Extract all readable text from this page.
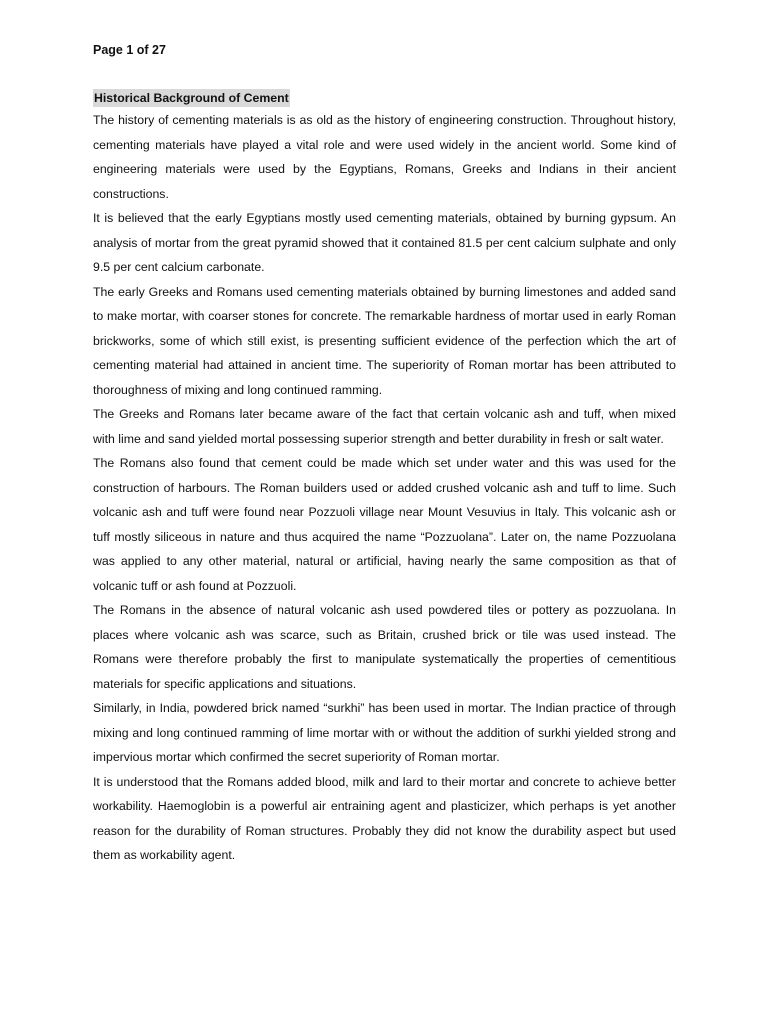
Page 1 of 27
Historical Background of Cement

The history of cementing materials is as old as the history of engineering construction. Throughout history, cementing materials have played a vital role and were used widely in the ancient world. Some kind of engineering materials were used by the Egyptians, Romans, Greeks and Indians in their ancient constructions.

It is believed that the early Egyptians mostly used cementing materials, obtained by burning gypsum. An analysis of mortar from the great pyramid showed that it contained 81.5 per cent calcium sulphate and only 9.5 per cent calcium carbonate.

The early Greeks and Romans used cementing materials obtained by burning limestones and added sand to make mortar, with coarser stones for concrete. The remarkable hardness of mortar used in early Roman brickworks, some of which still exist, is presenting sufficient evidence of the perfection which the art of cementing material had attained in ancient time. The superiority of Roman mortar has been attributed to thoroughness of mixing and long continued ramming.

The Greeks and Romans later became aware of the fact that certain volcanic ash and tuff, when mixed with lime and sand yielded mortal possessing superior strength and better durability in fresh or salt water.

The Romans also found that cement could be made which set under water and this was used for the construction of harbours. The Roman builders used or added crushed volcanic ash and tuff to lime. Such volcanic ash and tuff were found near Pozzuoli village near Mount Vesuvius in Italy. This volcanic ash or tuff mostly siliceous in nature and thus acquired the name “Pozzuolana”. Later on, the name Pozzuolana was applied to any other material, natural or artificial, having nearly the same composition as that of volcanic tuff or ash found at Pozzuoli.

The Romans in the absence of natural volcanic ash used powdered tiles or pottery as pozzuolana. In places where volcanic ash was scarce, such as Britain, crushed brick or tile was used instead. The Romans were therefore probably the first to manipulate systematically the properties of cementitious materials for specific applications and situations.

Similarly, in India, powdered brick named “surkhi” has been used in mortar. The Indian practice of through mixing and long continued ramming of lime mortar with or without the addition of surkhi yielded strong and impervious mortar which confirmed the secret superiority of Roman mortar.

It is understood that the Romans added blood, milk and lard to their mortar and concrete to achieve better workability. Haemoglobin is a powerful air entraining agent and plasticizer, which perhaps is yet another reason for the durability of Roman structures. Probably they did not know the durability aspect but used them as workability agent.
